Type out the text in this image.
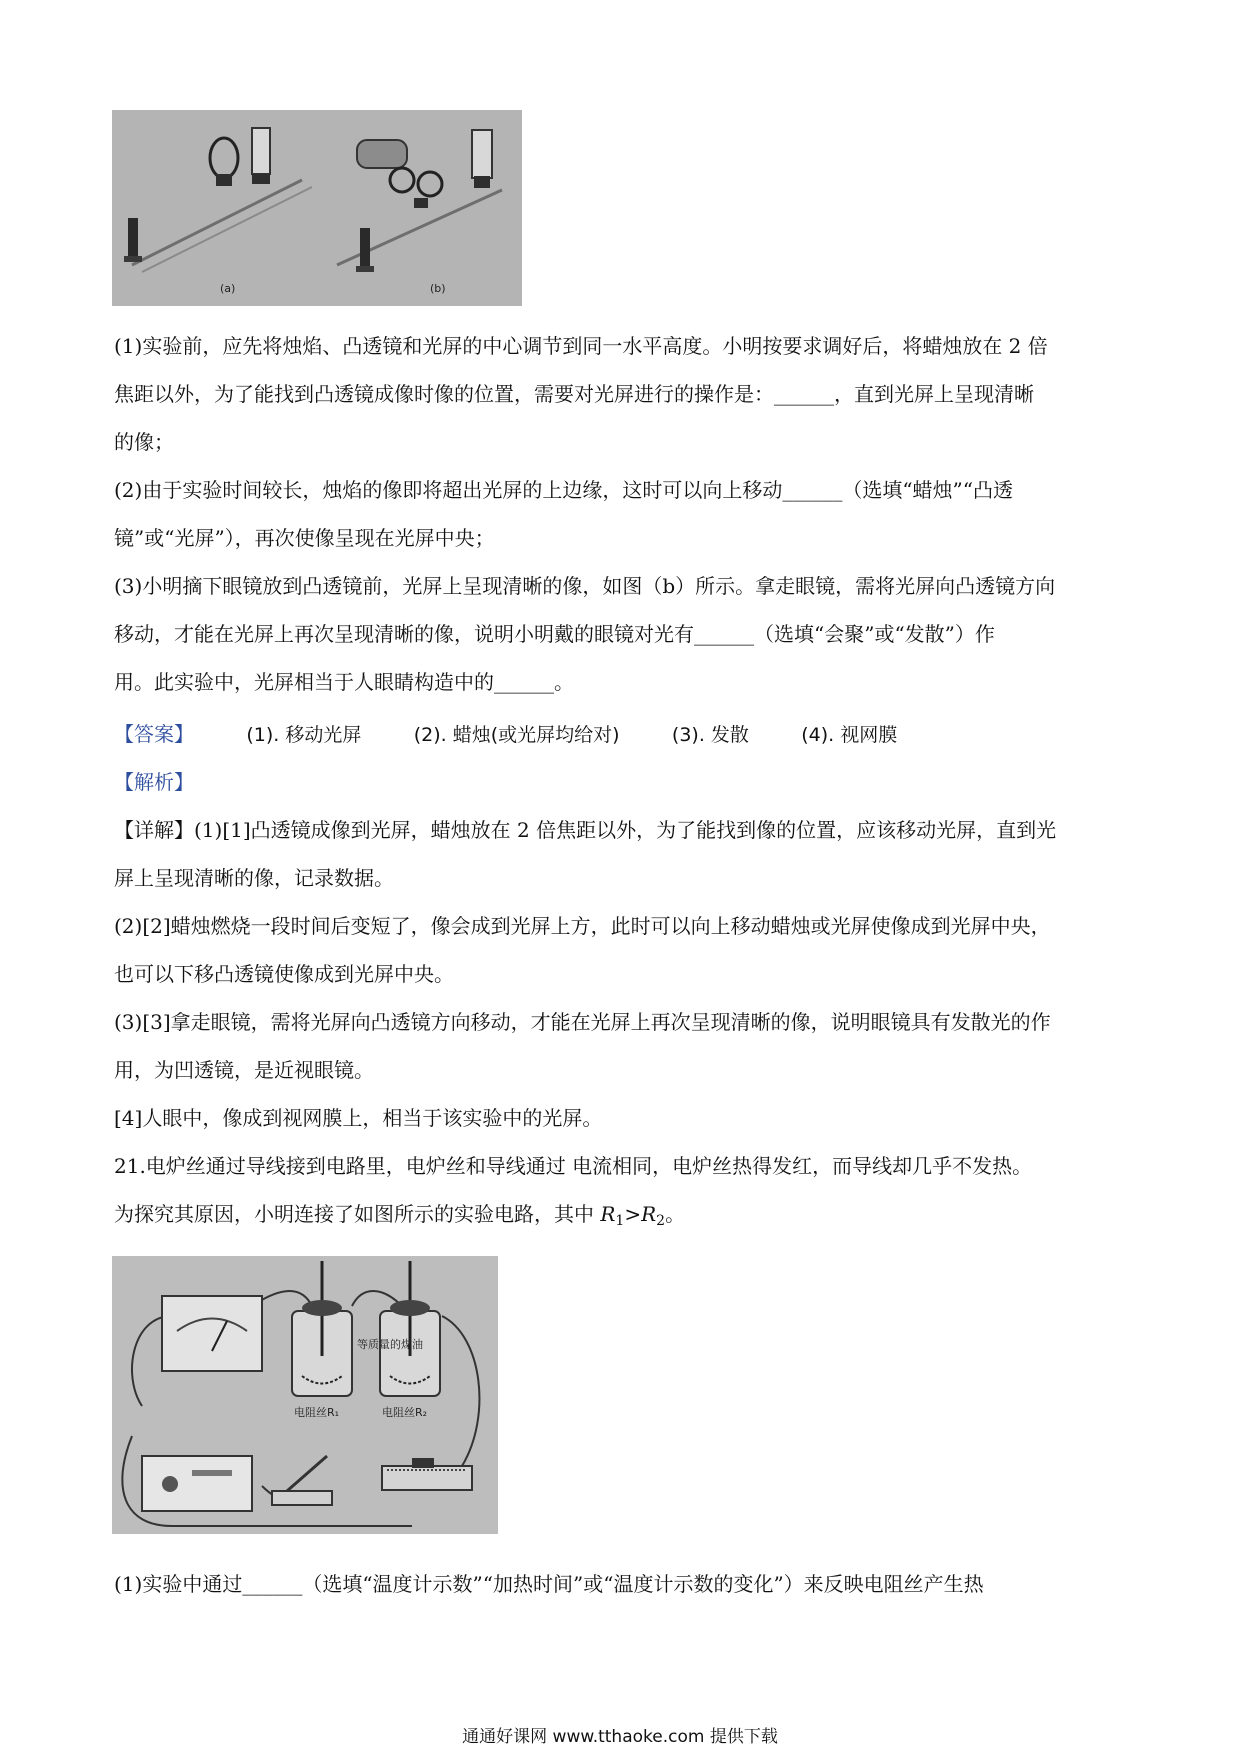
(a)	(b)

(1)实验前，应先将烛焰、凸透镜和光屏的中心调节到同一水平高度。小明按要求调好后，将蜡烛放在 2 倍

焦距以外，为了能找到凸透镜成像时像的位置，需要对光屏进行的操作是：______，直到光屏上呈现清晰

的像；

(2)由于实验时间较长，烛焰的像即将超出光屏的上边缘，这时可以向上移动______（选填“蜡烛”“凸透

镜”或“光屏”），再次使像呈现在光屏中央；

(3)小明摘下眼镜放到凸透镜前，光屏上呈现清晰的像，如图（b）所示。拿走眼镜，需将光屏向凸透镜方向

移动，才能在光屏上再次呈现清晰的像，说明小明戴的眼镜对光有______（选填“会聚”或“发散”）作

用。此实验中，光屏相当于人眼睛构造中的______。

【答案】	(1). 移动光屏	(2). 蜡烛(或光屏均给对)	(3). 发散	(4). 视网膜

【解析】

【详解】(1)[1]凸透镜成像到光屏，蜡烛放在 2 倍焦距以外，为了能找到像的位置，应该移动光屏，直到光

屏上呈现清晰的像，记录数据。

(2)[2]蜡烛燃烧一段时间后变短了，像会成到光屏上方，此时可以向上移动蜡烛或光屏使像成到光屏中央，

也可以下移凸透镜使像成到光屏中央。

(3)[3]拿走眼镜，需将光屏向凸透镜方向移动，才能在光屏上再次呈现清晰的像，说明眼镜具有发散光的作

用，为凹透镜，是近视眼镜。

[4]人眼中，像成到视网膜上，相当于该实验中的光屏。

21.电炉丝通过导线接到电路里，电炉丝和导线通过 电流相同，电炉丝热得发红，而导线却几乎不发热。

为探究其原因，小明连接了如图所示的实验电路，其中 $R_1>R_2$。

等质量的煤油
电阻丝R₁	电阻丝R₂

(1)实验中通过______（选填“温度计示数”“加热时间”或“温度计示数的变化”）来反映电阻丝产生热

通通好课网 www.tthaoke.com 提供下载
